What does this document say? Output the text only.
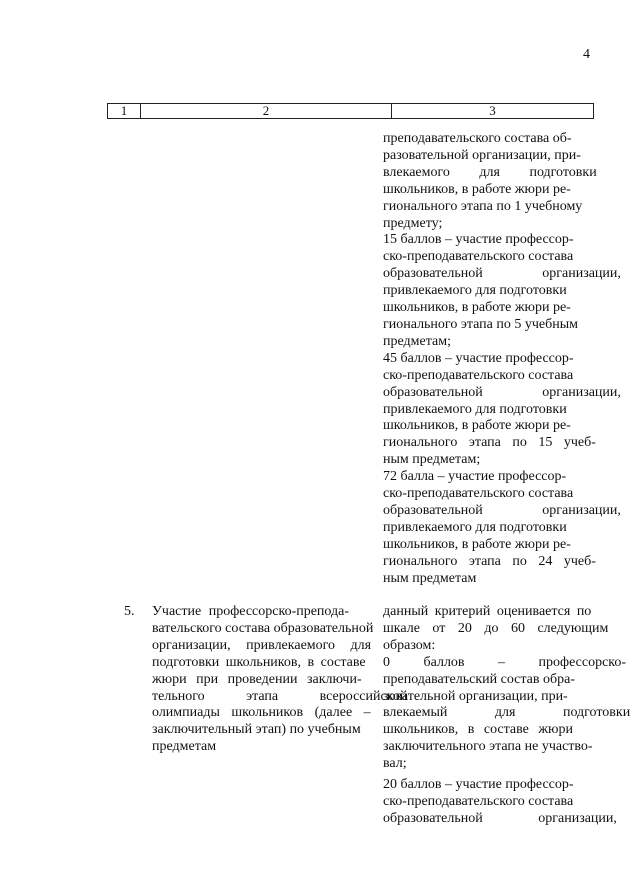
4
1	2	3
преподавательского состава об-
разовательной организации, при-
влекаемого для подготовки
школьников, в работе жюри ре-
гионального этапа по 1 учебному
предмету;
15 баллов – участие профессор-
ско-преподавательского состава
образовательной организации,
привлекаемого для подготовки
школьников, в работе жюри ре-
гионального этапа по 5 учебным
предметам;
45 баллов – участие профессор-
ско-преподавательского состава
образовательной организации,
привлекаемого для подготовки
школьников, в работе жюри ре-
гионального этапа по 15 учеб-
ным предметам;
72 балла – участие профессор-
ско-преподавательского состава
образовательной организации,
привлекаемого для подготовки
школьников, в работе жюри ре-
гионального этапа по 24 учеб-
ным предметам
5. Участие профессорско-препода-
вательского состава образовательной
организации, привлекаемого для
подготовки школьников, в составе
жюри при проведении заключи-
тельного этапа всероссийской
олимпиады школьников (далее –
заключительный этап) по учебным
предметам
данный критерий оценивается по
шкале от 20 до 60 следующим
образом:
0 баллов – профессорско-
преподавательский состав обра-
зовательной организации, при-
влекаемый для подготовки
школьников, в составе жюри
заключительного этапа не участво-
вал;
20 баллов – участие профессор-
ско-преподавательского состава
образовательной организации,
